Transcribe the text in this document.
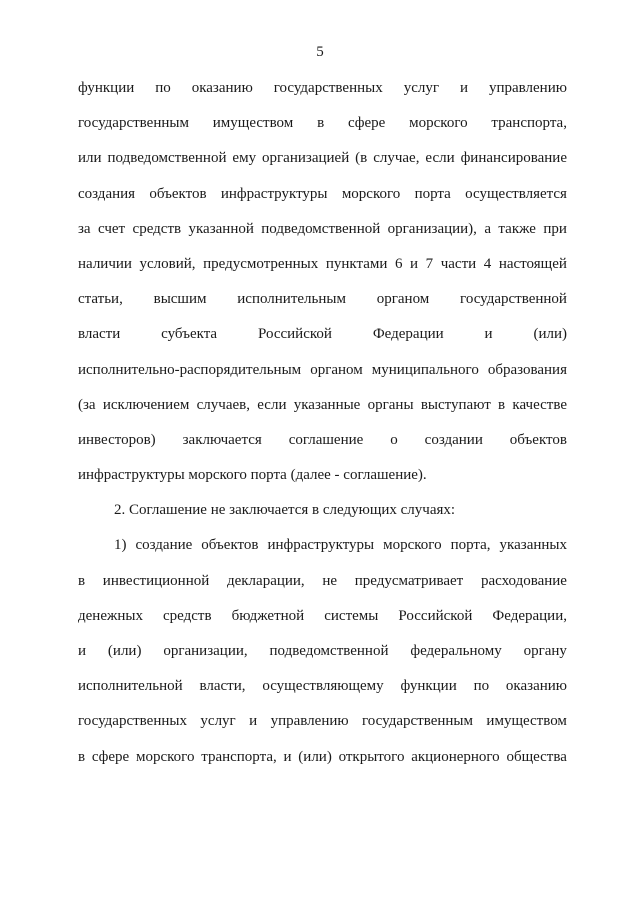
5
функции по оказанию государственных услуг и управлению
государственным имуществом в сфере морского транспорта,
или подведомственной ему организацией (в случае, если финансирование
создания объектов инфраструктуры морского порта осуществляется
за счет средств указанной подведомственной организации), а также при
наличии условий, предусмотренных пунктами 6 и 7 части 4 настоящей
статьи, высшим исполнительным органом государственной
власти	субъекта	Российской	Федерации	и	(или)
исполнительно-распорядительным органом муниципального образования
(за исключением случаев, если указанные органы выступают в качестве
инвесторов) заключается соглашение о создании объектов
инфраструктуры морского порта (далее - соглашение).
2. Соглашение не заключается в следующих случаях:
1) создание объектов инфраструктуры морского порта, указанных
в инвестиционной декларации, не предусматривает расходование
денежных средств бюджетной системы Российской Федерации,
и (или) организации, подведомственной федеральному органу
исполнительной власти, осуществляющему функции по оказанию
государственных услуг и управлению государственным имуществом
в сфере морского транспорта, и (или) открытого акционерного общества
